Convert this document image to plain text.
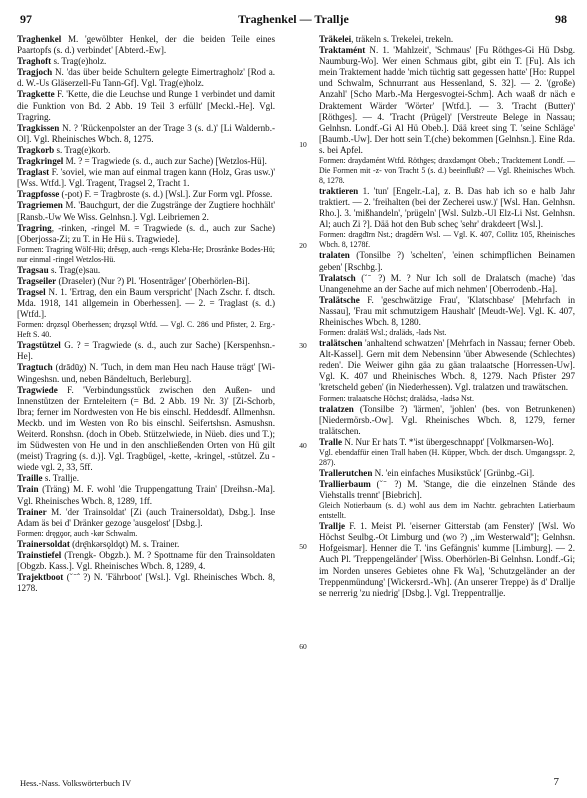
97	Traghenkel — Trallje	98
Traghenkel M. 'gewölbter Henkel, der die beiden Teile eines Paartopfs (s. d.) verbindet' [Abterd.-Ew].
Traghoft s. Trag(e)holz.
Tragjoch N. 'das über beide Schultern gelegte Eimertragholz' [Rod a. d. W.-Us Gläserzell-Fu Tann-Gf]. Vgl. Trag(e)holz.
Tragkette F. 'Kette, die die Leuchse und Runge 1 verbindet und damit die Funktion von Bd. 2 Abb. 19 Teil 3 erfüllt' [Meckl.-He]. Vgl. Tragring.
Tragkissen N. ? 'Rückenpolster an der Trage 3 (s. d.)' [Li Waldernb.-Ol]. Vgl. Rheinisches Wbch. 8, 1275.
Tragkorb s. Trag(e)korb.
Tragkringel M. ? = Tragwiede (s. d., auch zur Sache) [Wetzlos-Hü].
Traglast F. 'soviel, wie man auf einmal tragen kann (Holz, Gras usw.)' [Wss. Wtfd.]. Vgl. Tragent, Tragsel 2, Tracht 1.
Tragpfosse (-pot) F. = Tragbroste (s. d.) [Wsl.]. Zur Form vgl. Pfosse.
Tragriemen M. 'Bauchgurt, der die Zugstränge der Zugtiere hochhält' [Ransb.-Uw We Wiss. Gelnhsn.]. Vgl. Leibriemen 2.
Tragring, -rinken, -ringel M. = Tragwiede (s. d., auch zur Sache) [Oberjossa-Zi; zu T. in He Hü s. Tragwiede].
Formen: Tragring Wölf-Hü; drěsęp, auch -rengs Kleba-He; Drosrånke Bodes-Hü; nur einmal -ringel Wetzlos-Hü.
Tragsau s. Trag(e)sau.
Tragseiler (Draseler) (Nur ?) Pl. 'Hosenträger' [Oberhörlen-Bi].
Tragsel N. 1. 'Ertrag, den ein Baum verspricht' [Nach Zschr. f. dtsch. Mda. 1918, 141 allgemein in Oberhessen]. — 2. = Traglast (s. d.) [Wtfd.].
Formen: drǫzsǫl Oberhessen; drǫzsǫl Wtfd. — Vgl. C. 286 und Pfister, 2. Erg.-Heft S. 40.
Tragstützel G. ? = Tragwiede (s. d., auch zur Sache) [Kerspenhsn.-He].
Tragtuch (drādūχ) N. 'Tuch, in dem man Heu nach Hause trägt' [Wi-Wingeshsn. und, neben Bändeltuch, Berleburg].
Tragwiede F. 'Verbindungsstück zwischen den Außen- und Innenstützen der Ernteleitern (= Bd. 2 Abb. 19 Nr. 3)' [Zi-Schorb, Ibra; ferner im Nordwesten von He bis einschl. Heddesdf. Allmenhsn. Meckb. und im Westen von Ro bis einschl. Seifertshsn. Asmushsn. Weiterd. Ronshsn. (doch in Obeb. Stützelwiede, in Nüeb. dies und T.); im Südwesten von He und in den anschließenden Orten von Hü gilt (meist) Tragring (s. d.)]. Vgl. Tragbügel, -kette, -kringel, -stützel. Zu -wiede vgl. 2, 33, 5ff.
Traille s. Trallje.
Train (Träng) M. F. wohl 'die Truppengattung Train' [Dreihsn.-Ma]. Vgl. Rheinisches Wbch. 8, 1289, 1ff.
Trainer M. 'der Trainsoldat' [Zi (auch Trainersoldat), Dsbg.]. Inse Adam äs bei d' Dränker gezoge 'ausgelost' [Dsbg.].
Formen: dręgǫor, auch -kør Schwalm.
Trainersoldat (drę̄nkərsǫldǫt) M. s. Trainer.
Trainstiefel (Trengk- Obgzb.). M. ? Spottname für den Trainsoldaten [Obgzb. Kass.]. Vgl. Rheinisches Wbch. 8, 1289, 4.
Trajektboot (˘ ̄ ̂ ?) N. 'Fährboot' [Wsl.]. Vgl. Rheinisches Wbch. 8, 1278.
Träkelei, träkeln s. Trekelei, trekeln.
Traktamént N. 1. 'Mahlzeit', 'Schmaus' [Fu Röthges-Gi Hü Dsbg. Naumburg-Wo]. Wer einen Schmaus gibt, gibt ein T. [Fu]. Als ich mein Traktement hadde 'mich tüchtig satt gegessen hatte' [Ho: Ruppel und Schwalm, Schnurrant aus Hessenland, S. 32]. — 2. '(große) Anzahl' [Scho Marb.-Ma Hergesvogtei-Schm]. Ach waaß dr näch e Draktement Wärder 'Wörter' [Wtfd.]. — 3. 'Tracht (Butter)' [Röthges]. — 4. 'Tracht (Prügel)' [Verstreute Belege in Nassau; Gelnhsn. Londf.-Gi Al Hü Obeb.]. Dää kreet sing T. 'seine Schläge' [Baumb.-Uw]. Der hott sein T.(che) bekommen [Gelnhsn.]. Eine Rda. s. bei Apfel.
Formen: draydǝmént Wtfd. Röthges; draxdǝmǫnt Obeb.; Tracktement Londf. — Die Formen mit -z- von Tracht 5 (s. d.) beeinflußt? — Vgl. Rheinisches Wbch. 8, 1278.
traktieren 1. 'tun' [Engelr.-La], z. B. Das hab ich so e halb Jahr traktiert. — 2. 'freihalten (bei der Zecherei usw.)' [Wsl. Han. Gelnhsn. Rho.]. 3. 'mißhandeln', 'prügeln' [Wsl. Sulzb.-Ul Elz-Li Nst. Gelnhsn. Al; auch Zi ?]. Dää hot den Bub schec̱ 'sehr' drakdeert [Wsl.].
Formen: dragdīrn Nst.; dragdērn Wsl. — Vgl. K. 407, Collitz 105, Rheinisches Wbch. 8, 1278f.
tralaten (Tonsilbe ?) 'schelten', 'einen schimpflichen Beinamen geben' [Rschbg.].
Tralatsch (˘ ̄ ?) M. ? Nur Ich soll de Dralatsch (mache) 'das Unangenehme an der Sache auf mich nehmen' [Oberrodenb.-Ha].
Tralätsche F. 'geschwätzige Frau', 'Klatschbase' [Mehrfach in Nassau], 'Frau mit schmutzigem Haushalt' [Meudt-We]. Vgl. K. 407, Rheinisches Wbch. 8, 1280.
Formen: dralätš Wsl.; draläds, -lads Nst.
tralätschen 'anhaltend schwatzen' [Mehrfach in Nassau; ferner Obeb. Alt-Kassel]. Gern mit dem Nebensinn 'über Abwesende (Schlechtes) reden'. Die Weiwer gihn gäa zu gäan tralaatsche [Horressen-Uw]. Vgl. K. 407 und Rheinisches Wbch. 8, 1279. Nach Pfister 297 'kretscheld geben' (in Niederhessen). Vgl. tralatzen und trawätschen.
Formen: tralaatsche Höchst; dralädsǝ, -ladsǝ Nst.
tralatzen (Tonsilbe ?) 'lärmen', 'johlen' (bes. von Betrunkenen) [Niedermörsb.-Ow]. Vgl. Rheinisches Wbch. 8, 1279, ferner tralätschen.
Tralle N. Nur Er hats T. *'ist übergeschnappt' [Volkmarsen-Wo].
Vgl. ebendaffür einen Trall haben (H. Küpper, Wbch. der dtsch. Umgangsspr. 2, 287).
Trallerutchen N. 'ein einfaches Musikstück' [Grünbg.-Gi].
Trallierbaum (˘ ̄ ?) M. 'Stange, die die einzelnen Stände des Viehstalls trennt' [Biebrich].
Gleich Notierbaum (s. d.) wohl aus dem im Nachtr. gebrachten Latierbaum entstellt.
Trallje F. 1. Meist Pl. 'eiserner Gitterstab (am Fenster)' [Wsl. Wo Höchst Seulbg.-Ot Limburg und (wo ?) ,,im Westerwald'']; Gelnhsn. Hofgeismar]. Henner die T. 'ins Gefängnis' kumme [Limburg]. — 2. Auch Pl. 'Treppengeländer' [Wiss. Oberhörlen-Bi Gelnhsn. Londf.-Gi; im Norden unseres Gebietes ohne Fk Wa], 'Schutzgeländer an der Treppenmündung' [Wickersrd.-Wh]. (An unserer Treppe) äs d' Drallje se nerrerig 'zu niedrig' [Dsbg.]. Vgl. Treppentrallje.
10
20
30
40
50
60
Hess.-Nass. Volkswörterbuch IV	7
